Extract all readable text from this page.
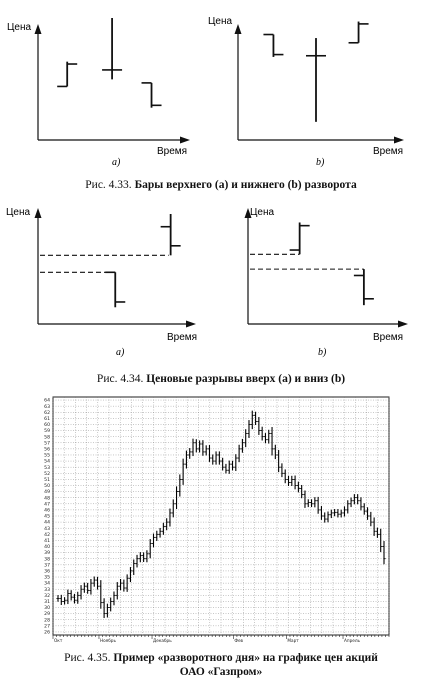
Цена
Время
a)
Цена
Время
b)
Цена
Время
a)
Цена
Время
b)
26
27
28
29
30
31
32
33
34
35
36
37
38
39
40
41
42
43
44
45
46
47
48
49
50
51
52
53
54
55
56
57
58
59
60
61
62
63
64
Окт	Ноябрь	Декабрь	Фев	Март	Апрель
Рис. 4.33. Бары верхнего (a) и нижнего (b) разворота
Рис. 4.34. Ценовые разрывы вверх (a) и вниз (b)
Рис. 4.35. Пример «разворотного дня» на графике цен акций
ОАО «Газпром»
